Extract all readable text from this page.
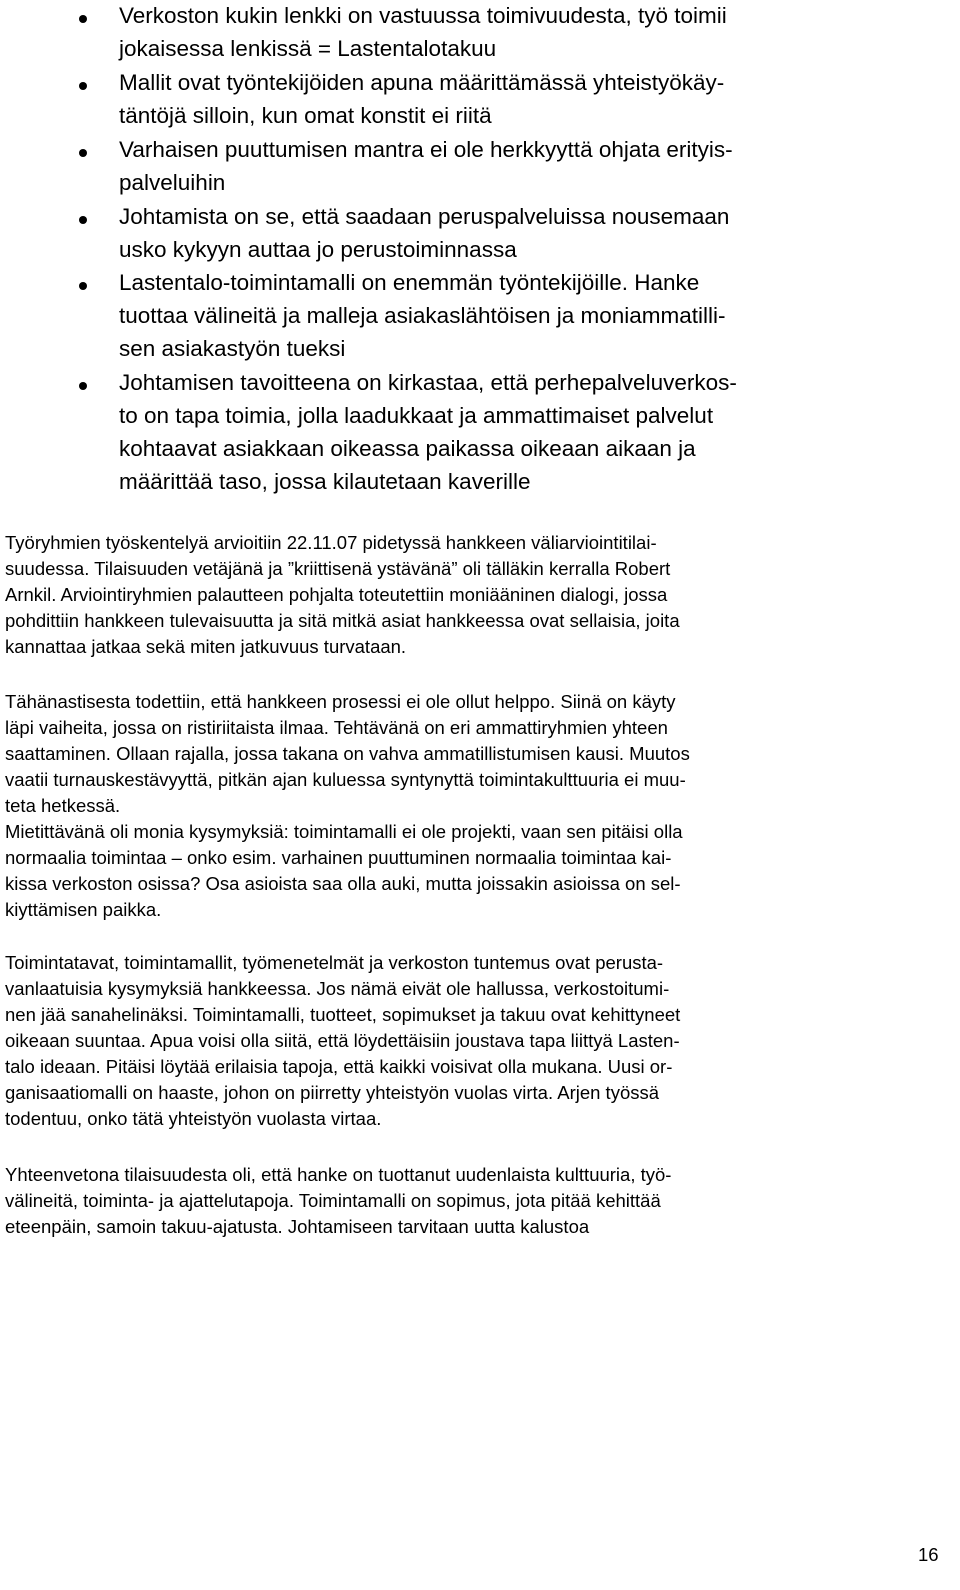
Verkoston kukin lenkki on vastuussa toimivuudesta, työ toimii
jokaisessa lenkissä = Lastentalotakuu
Mallit ovat työntekijöiden apuna määrittämässä yhteistyökäy-
täntöjä silloin, kun omat konstit ei riitä
Varhaisen puuttumisen mantra ei ole herkkyyttä ohjata erityis-
palveluihin
Johtamista on se, että saadaan peruspalveluissa nousemaan
usko kykyyn auttaa jo perustoiminnassa
Lastentalo-toimintamalli on enemmän työntekijöille. Hanke
tuottaa välineitä ja malleja asiakaslähtöisen ja moniammatilli-
sen asiakastyön tueksi
Johtamisen tavoitteena on kirkastaa, että perhepalveluverkos-
to on tapa toimia, jolla laadukkaat ja ammattimaiset palvelut
kohtaavat asiakkaan oikeassa paikassa oikeaan aikaan ja
määrittää taso, jossa kilautetaan kaverille
Työryhmien työskentelyä arvioitiin 22.11.07 pidetyssä hankkeen väliarviointitilai-
suudessa. Tilaisuuden vetäjänä ja ”kriittisenä ystävänä” oli tälläkin kerralla Robert
Arnkil. Arviointiryhmien palautteen pohjalta toteutettiin moniääninen dialogi, jossa
pohdittiin hankkeen tulevaisuutta ja sitä mitkä asiat hankkeessa ovat sellaisia, joita
kannattaa jatkaa sekä miten jatkuvuus turvataan.
Tähänastisesta todettiin, että hankkeen prosessi ei ole ollut helppo. Siinä on käyty
läpi vaiheita, jossa on ristiriitaista ilmaa. Tehtävänä on eri ammattiryhmien yhteen
saattaminen. Ollaan rajalla, jossa takana on vahva ammatillistumisen kausi. Muutos
vaatii turnauskestävyyttä, pitkän ajan kuluessa syntynyttä toimintakulttuuria ei muu-
teta hetkessä.
Mietittävänä oli monia kysymyksiä: toimintamalli ei ole projekti, vaan sen pitäisi olla
normaalia toimintaa – onko esim. varhainen puuttuminen normaalia toimintaa kai-
kissa verkoston osissa? Osa asioista saa olla auki, mutta joissakin asioissa on sel-
kiyttämisen paikka.
Toimintatavat, toimintamallit, työmenetelmät ja verkoston tuntemus ovat perusta-
vanlaatuisia kysymyksiä hankkeessa. Jos nämä eivät ole hallussa, verkostoitumi-
nen jää sanahelinäksi. Toimintamalli, tuotteet, sopimukset ja takuu ovat kehittyneet
oikeaan suuntaa. Apua voisi olla siitä, että löydettäisiin joustava tapa liittyä Lasten-
talo ideaan. Pitäisi löytää erilaisia tapoja, että kaikki voisivat olla mukana. Uusi or-
ganisaatiomalli on haaste, johon on piirretty yhteistyön vuolas virta. Arjen työssä
todentuu, onko tätä yhteistyön vuolasta virtaa.
Yhteenvetona tilaisuudesta oli, että hanke on tuottanut uudenlaista kulttuuria, työ-
välineitä, toiminta- ja ajattelutapoja. Toimintamalli on sopimus, jota pitää kehittää
eteenpäin, samoin takuu-ajatusta. Johtamiseen tarvitaan uutta kalustoa
16
